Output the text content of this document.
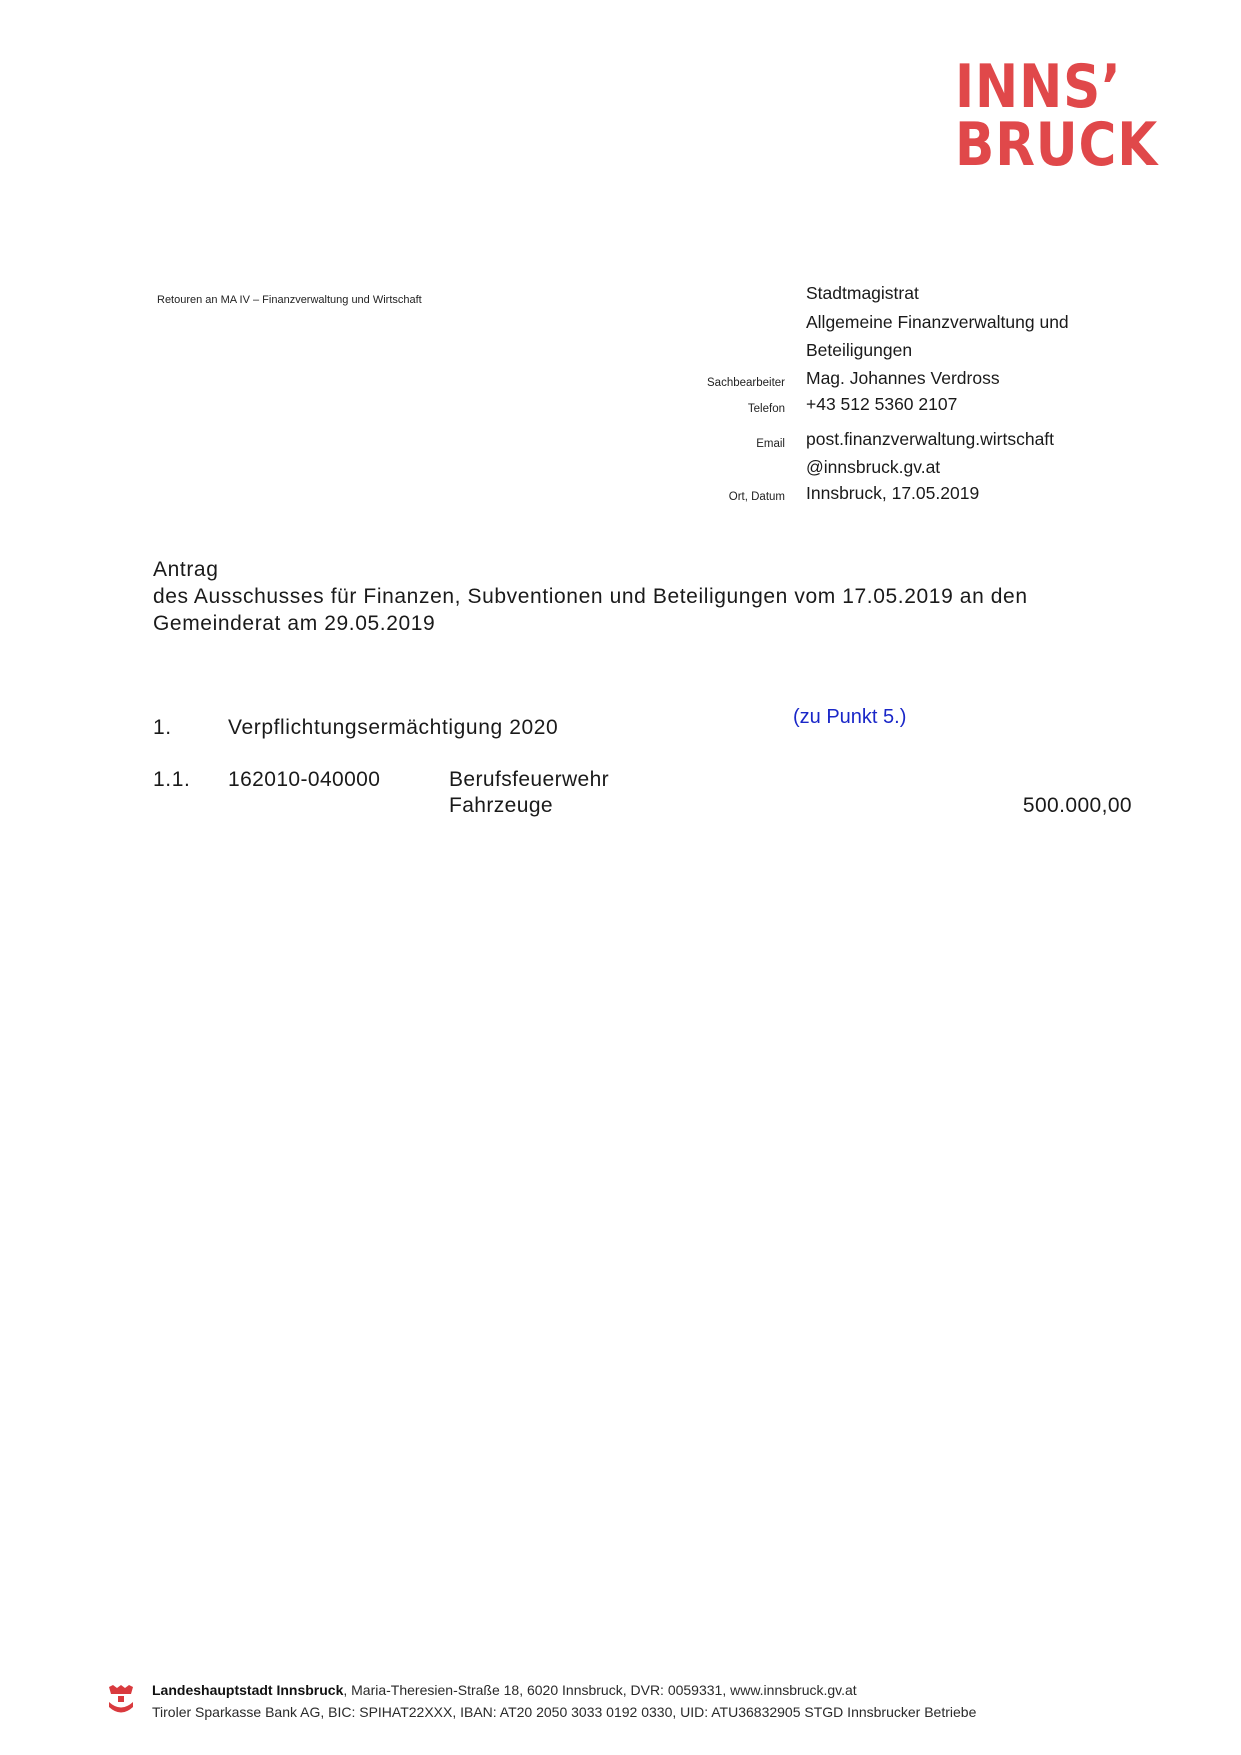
INNS’
BRUCK
Retouren an MA IV – Finanzverwaltung und Wirtschaft	Stadtmagistrat
Allgemeine Finanzverwaltung und
Beteiligungen
Sachbearbeiter Mag. Johannes Verdross
Telefon +43 512 5360 2107
Email post.finanzverwaltung.wirtschaft
@innsbruck.gv.at
Ort, Datum Innsbruck, 17.05.2019
Antrag
des Ausschusses für Finanzen, Subventionen und Beteiligungen vom 17.05.2019 an den
Gemeinderat am 29.05.2019
1.	Verpflichtungsermächtigung 2020	(zu Punkt 5.)
1.1. 162010-040000	Berufsfeuerwehr
Fahrzeuge	500.000,00
Landeshauptstadt Innsbruck, Maria-Theresien-Straße 18, 6020 Innsbruck, DVR: 0059331, www.innsbruck.gv.at
Tiroler Sparkasse Bank AG, BIC: SPIHAT22XXX, IBAN: AT20 2050 3033 0192 0330, UID: ATU36832905 STGD Innsbrucker Betriebe
